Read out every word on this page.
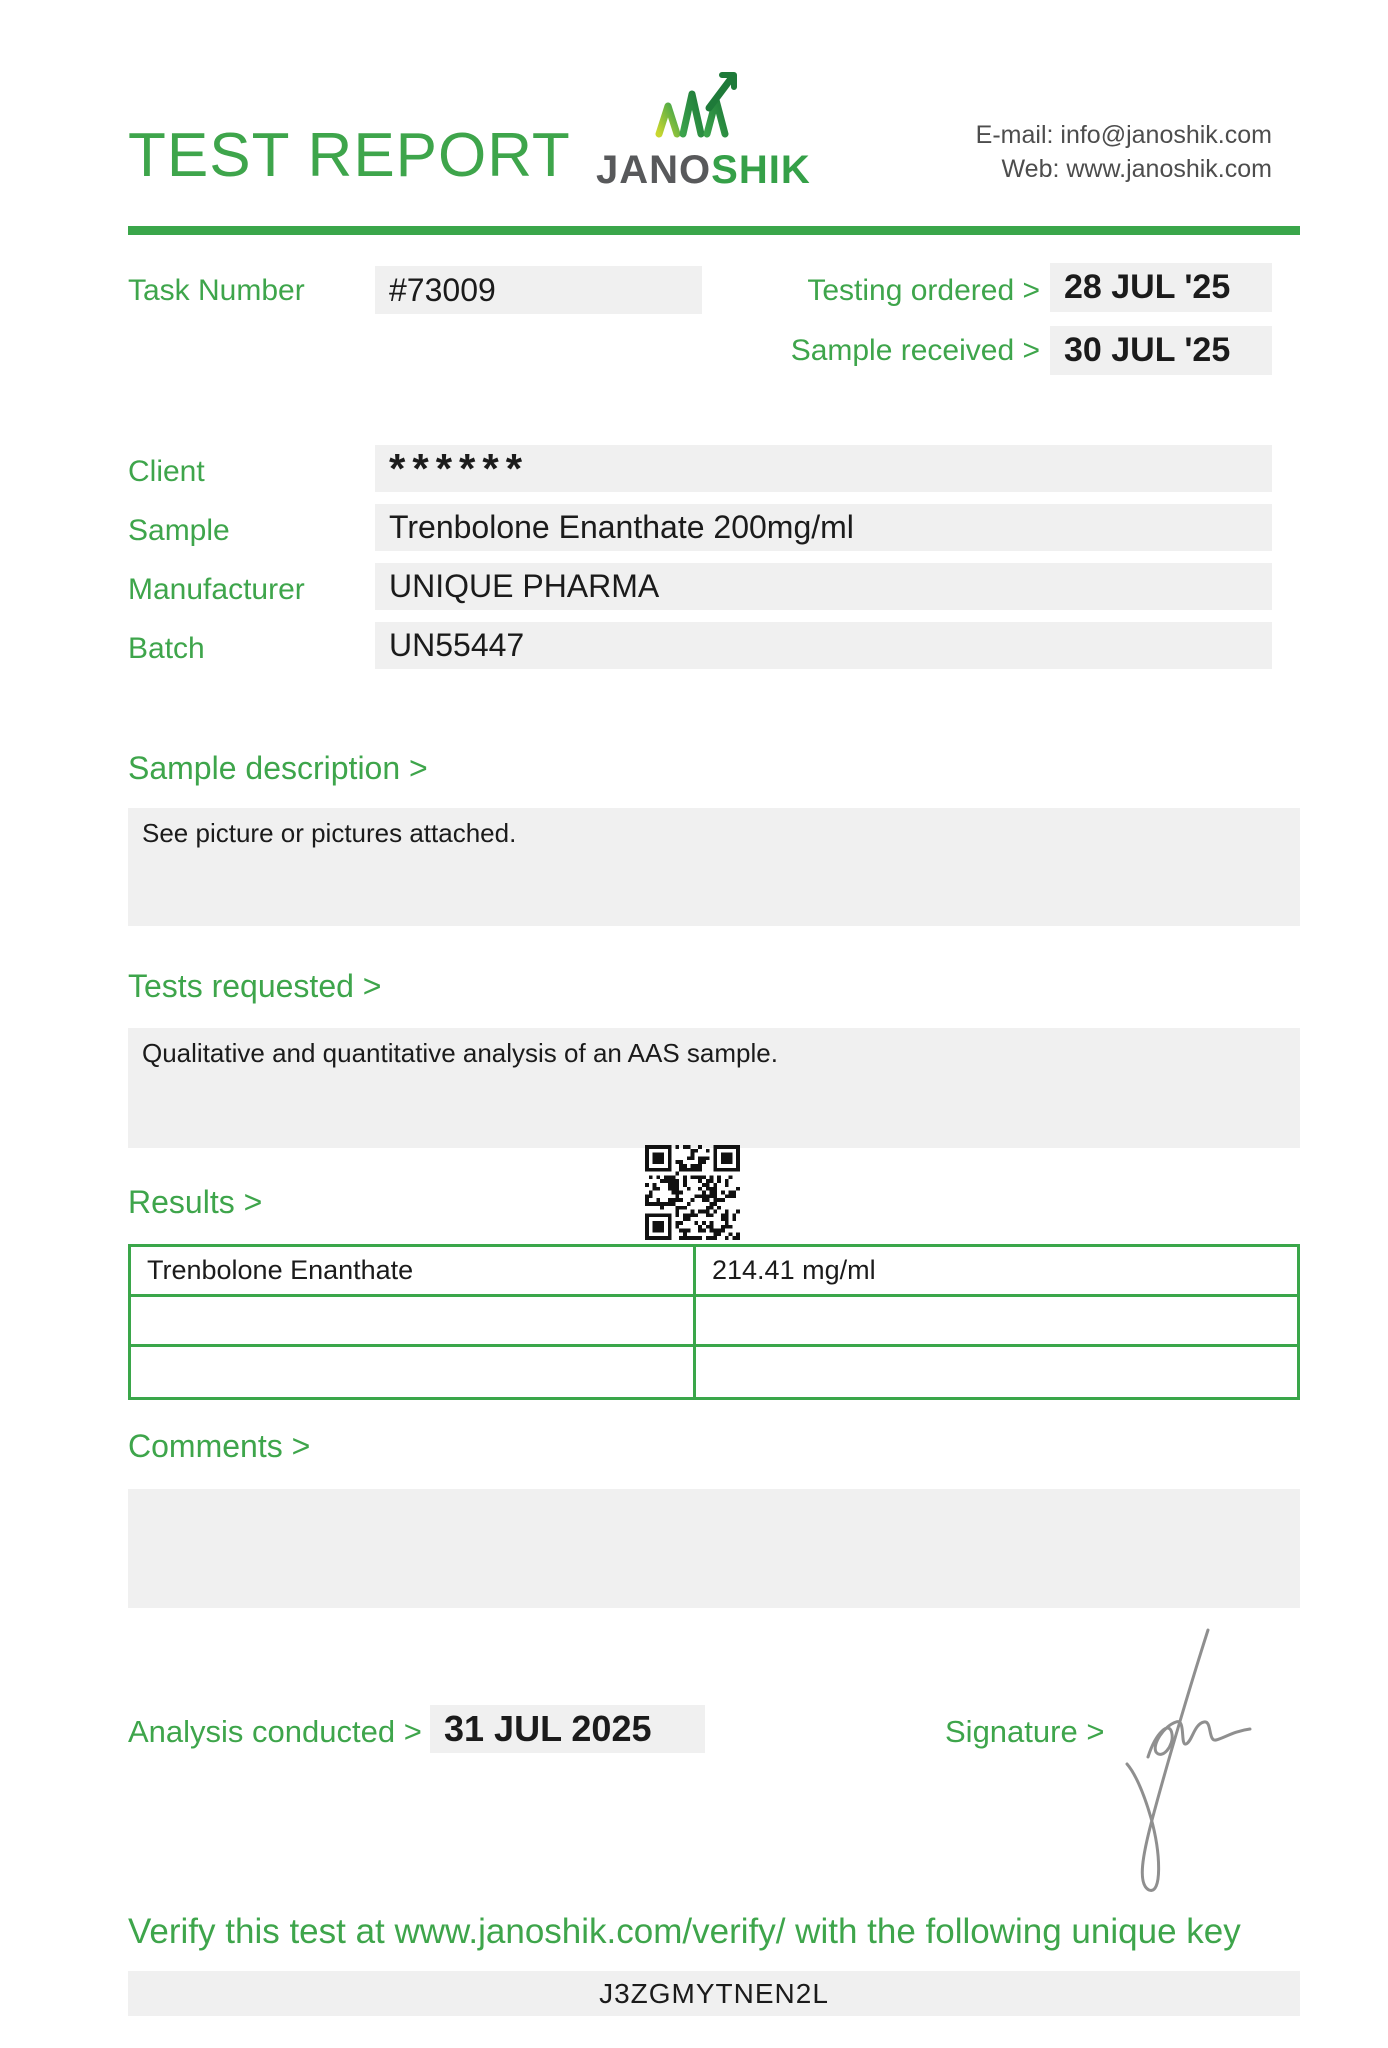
TEST REPORT JANOSHIK
E-mail: info@janoshik.com
Web: www.janoshik.com
Task Number	#73009	Testing ordered > 28 JUL '25
Sample received > 30 JUL '25
Client	******
Sample	Trenbolone Enanthate 200mg/ml
Manufacturer	UNIQUE PHARMA
Batch	UN55447
Sample description >
See picture or pictures attached.
Tests requested >
Qualitative and quantitative analysis of an AAS sample.
Results >
Trenbolone Enanthate	214.41 mg/ml
Comments >
Analysis conducted > 31 JUL 2025	Signature >
Verify this test at www.janoshik.com/verify/ with the following unique key
J3ZGMYTNEN2L
